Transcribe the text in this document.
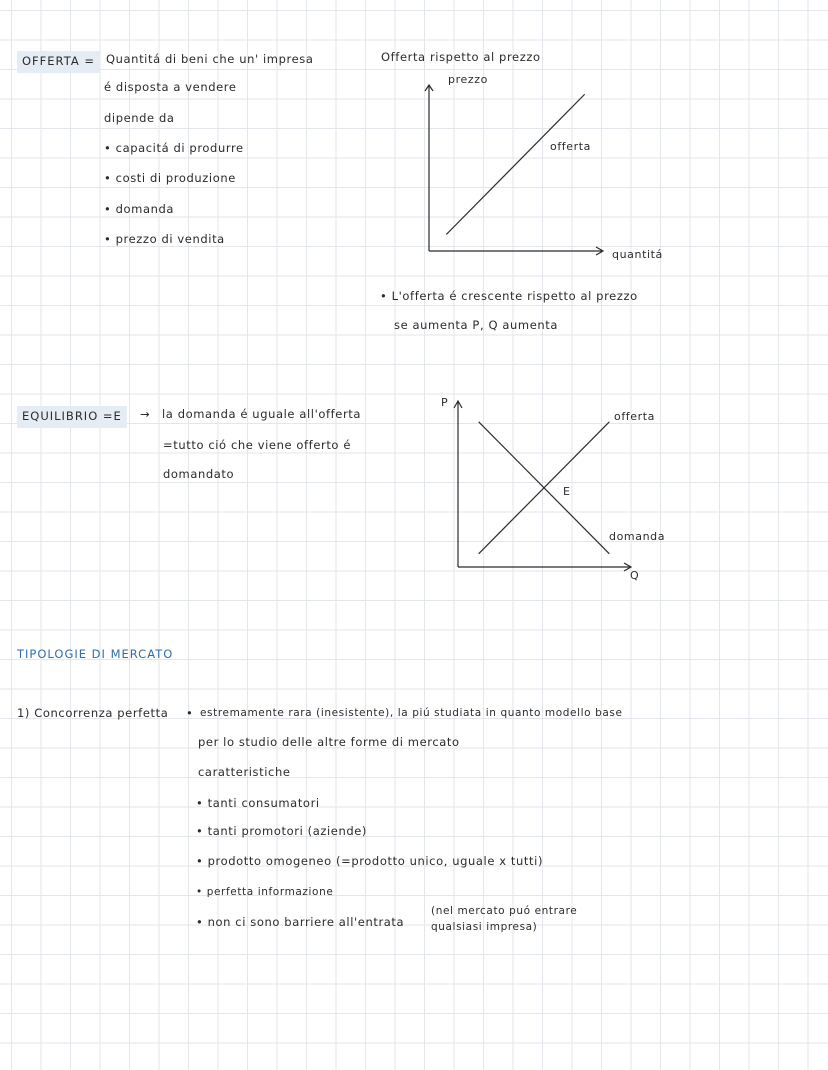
OFFERTA = Quantitá di beni che un' impresa
é disposta a vendere
dipende da
• capacitá di produrre
• costi di produzione
• domanda
• prezzo di vendita
Offerta rispetto al prezzo
prezzo
quantitá
offerta
P
Q
offerta
domanda
E
• L'offerta é crescente rispetto al prezzo
se aumenta P, Q aumenta
EQUILIBRIO =E	→ la domanda é uguale all'offerta
=tutto ció che viene offerto é
domandato
TIPOLOGIE DI MERCATO
1) Concorrenza perfetta • estremamente rara (inesistente), la piú studiata in quanto modello base
per lo studio delle altre forme di mercato
caratteristiche
• tanti consumatori
• tanti promotori (aziende)
• prodotto omogeneo (=prodotto unico, uguale x tutti)
• perfetta informazione
• non ci sono barriere all'entrata
(nel mercato puó entrare
qualsiasi impresa)
